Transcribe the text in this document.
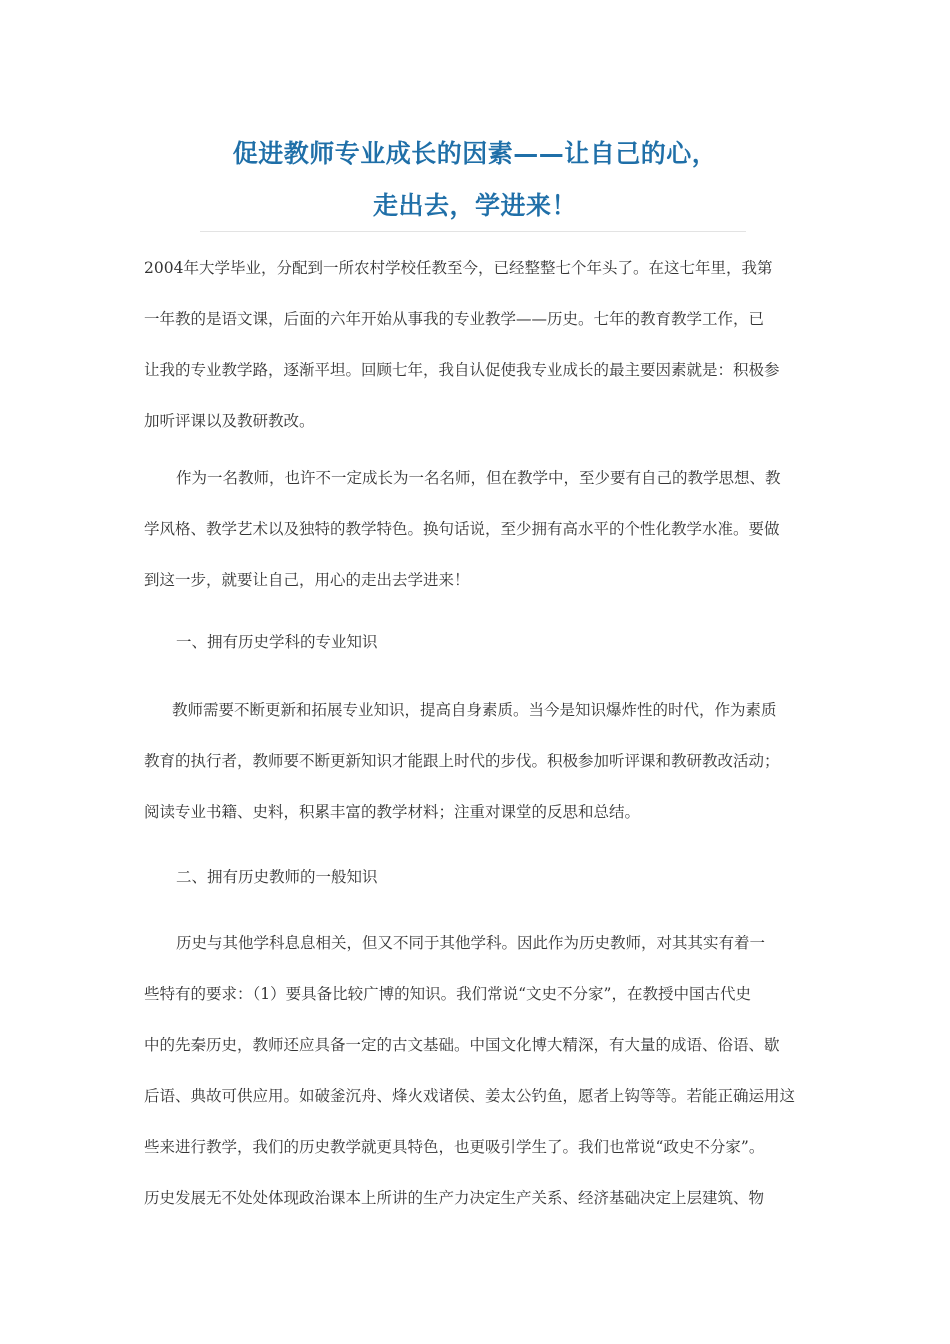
促进教师专业成长的因素——让自己的心，
走出去，学进来！
2004年大学毕业，分配到一所农村学校任教至今，已经整整七个年头了。在这七年里，我第
一年教的是语文课，后面的六年开始从事我的专业教学——历史。七年的教育教学工作，已
让我的专业教学路，逐渐平坦。回顾七年，我自认促使我专业成长的最主要因素就是：积极参
加听评课以及教研教改。
作为一名教师，也许不一定成长为一名名师，但在教学中，至少要有自己的教学思想、教
学风格、教学艺术以及独特的教学特色。换句话说，至少拥有高水平的个性化教学水准。要做
到这一步，就要让自己，用心的走出去学进来！
一、拥有历史学科的专业知识
教师需要不断更新和拓展专业知识，提高自身素质。当今是知识爆炸性的时代，作为素质
教育的执行者，教师要不断更新知识才能跟上时代的步伐。积极参加听评课和教研教改活动；
阅读专业书籍、史料，积累丰富的教学材料；注重对课堂的反思和总结。
二、拥有历史教师的一般知识
历史与其他学科息息相关，但又不同于其他学科。因此作为历史教师，对其其实有着一
些特有的要求：（1）要具备比较广博的知识。我们常说“文史不分家”，在教授中国古代史
中的先秦历史，教师还应具备一定的古文基础。中国文化博大精深，有大量的成语、俗语、歇
后语、典故可供应用。如破釜沉舟、烽火戏诸侯、姜太公钓鱼，愿者上钩等等。若能正确运用这
些来进行教学，我们的历史教学就更具特色，也更吸引学生了。我们也常说“政史不分家”。
历史发展无不处处体现政治课本上所讲的生产力决定生产关系、经济基础决定上层建筑、物
